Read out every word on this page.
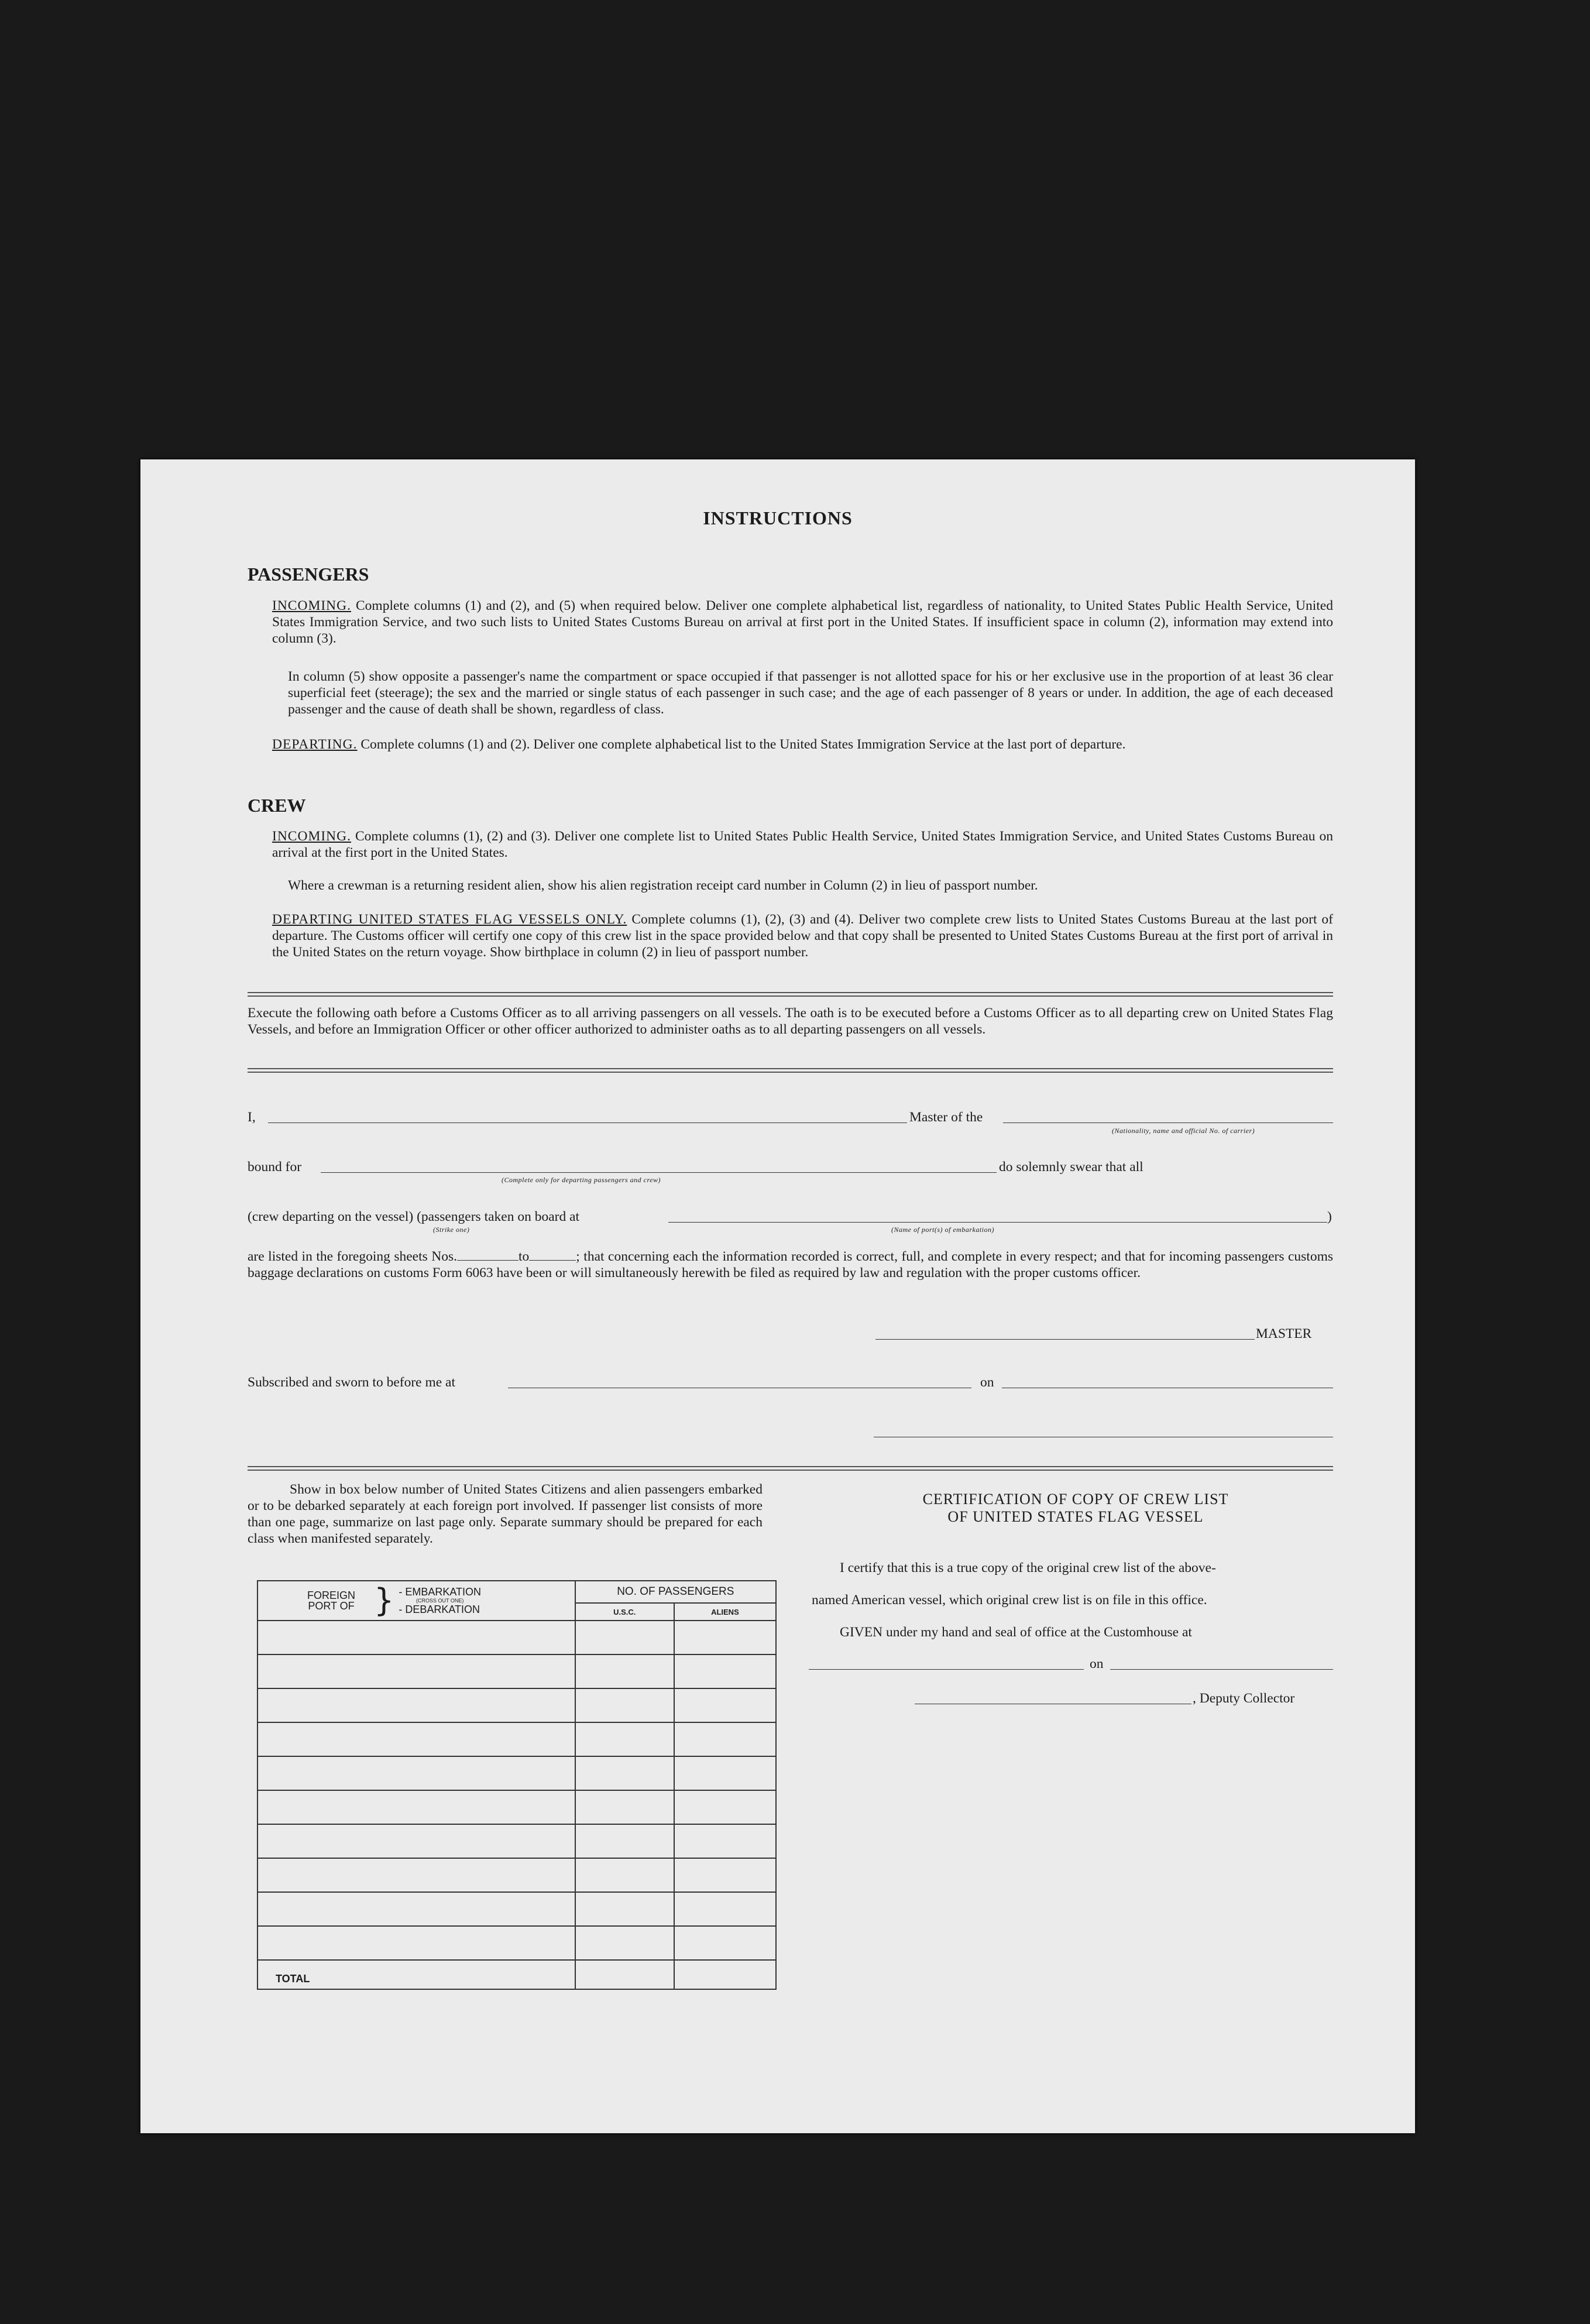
INSTRUCTIONS
PASSENGERS
INCOMING. Complete columns (1) and (2), and (5) when required below. Deliver one complete alphabetical list, regardless of nationality, to United States Public Health Service, United States Immigration Service, and two such lists to United States Customs Bureau on arrival at first port in the United States. If insufficient space in column (2), information may extend into column (3).
In column (5) show opposite a passenger's name the compartment or space occupied if that passenger is not allotted space for his or her exclusive use in the proportion of at least 36 clear superficial feet (steerage); the sex and the married or single status of each passenger in such case; and the age of each passenger of 8 years or under. In addition, the age of each deceased passenger and the cause of death shall be shown, regardless of class.
DEPARTING. Complete columns (1) and (2). Deliver one complete alphabetical list to the United States Immigration Service at the last port of departure.
CREW
INCOMING. Complete columns (1), (2) and (3). Deliver one complete list to United States Public Health Service, United States Immigration Service, and United States Customs Bureau on arrival at the first port in the United States.
Where a crewman is a returning resident alien, show his alien registration receipt card number in Column (2) in lieu of passport number.
DEPARTING UNITED STATES FLAG VESSELS ONLY. Complete columns (1), (2), (3) and (4). Deliver two complete crew lists to United States Customs Bureau at the last port of departure. The Customs officer will certify one copy of this crew list in the space provided below and that copy shall be presented to United States Customs Bureau at the first port of arrival in the United States on the return voyage. Show birthplace in column (2) in lieu of passport number.
Execute the following oath before a Customs Officer as to all arriving passengers on all vessels. The oath is to be executed before a Customs Officer as to all departing crew on United States Flag Vessels, and before an Immigration Officer or other officer authorized to administer oaths as to all departing passengers on all vessels.
I,	Master of the
(Nationality, name and official No. of carrier)
bound for	do solemnly swear that all
(Complete only for departing passengers and crew)
(crew departing on the vessel) (passengers taken on board at	)
(Strike one)	(Name of port(s) of embarkation)
are listed in the foregoing sheets Nos.	to	; that concerning each the information recorded is correct, full, and complete in every respect; and that for incoming passengers customs baggage declarations on customs Form 6063 have been or will simultaneously herewith be filed as required by law and regulation with the proper customs officer.
MASTER
Subscribed and sworn to before me at	on
Show in box below number of United States Citizens and alien passengers embarked or to be debarked separately at each foreign port involved. If passenger list consists of more than one page, summarize on last page only. Separate summary should be prepared for each class when manifested separately.
FOREIGN PORT OF } - EMBARKATION
(CROSS OUT ONE)
- DEBARKATION	NO. OF PASSENGERS	
	U.S.C.	ALIENS

TOTAL		
CERTIFICATION OF COPY OF CREW LIST
OF UNITED STATES FLAG VESSEL
I certify that this is a true copy of the original crew list of the above-
named American vessel, which original crew list is on file in this office.
GIVEN under my hand and seal of office at the Customhouse at
on
, Deputy Collector
